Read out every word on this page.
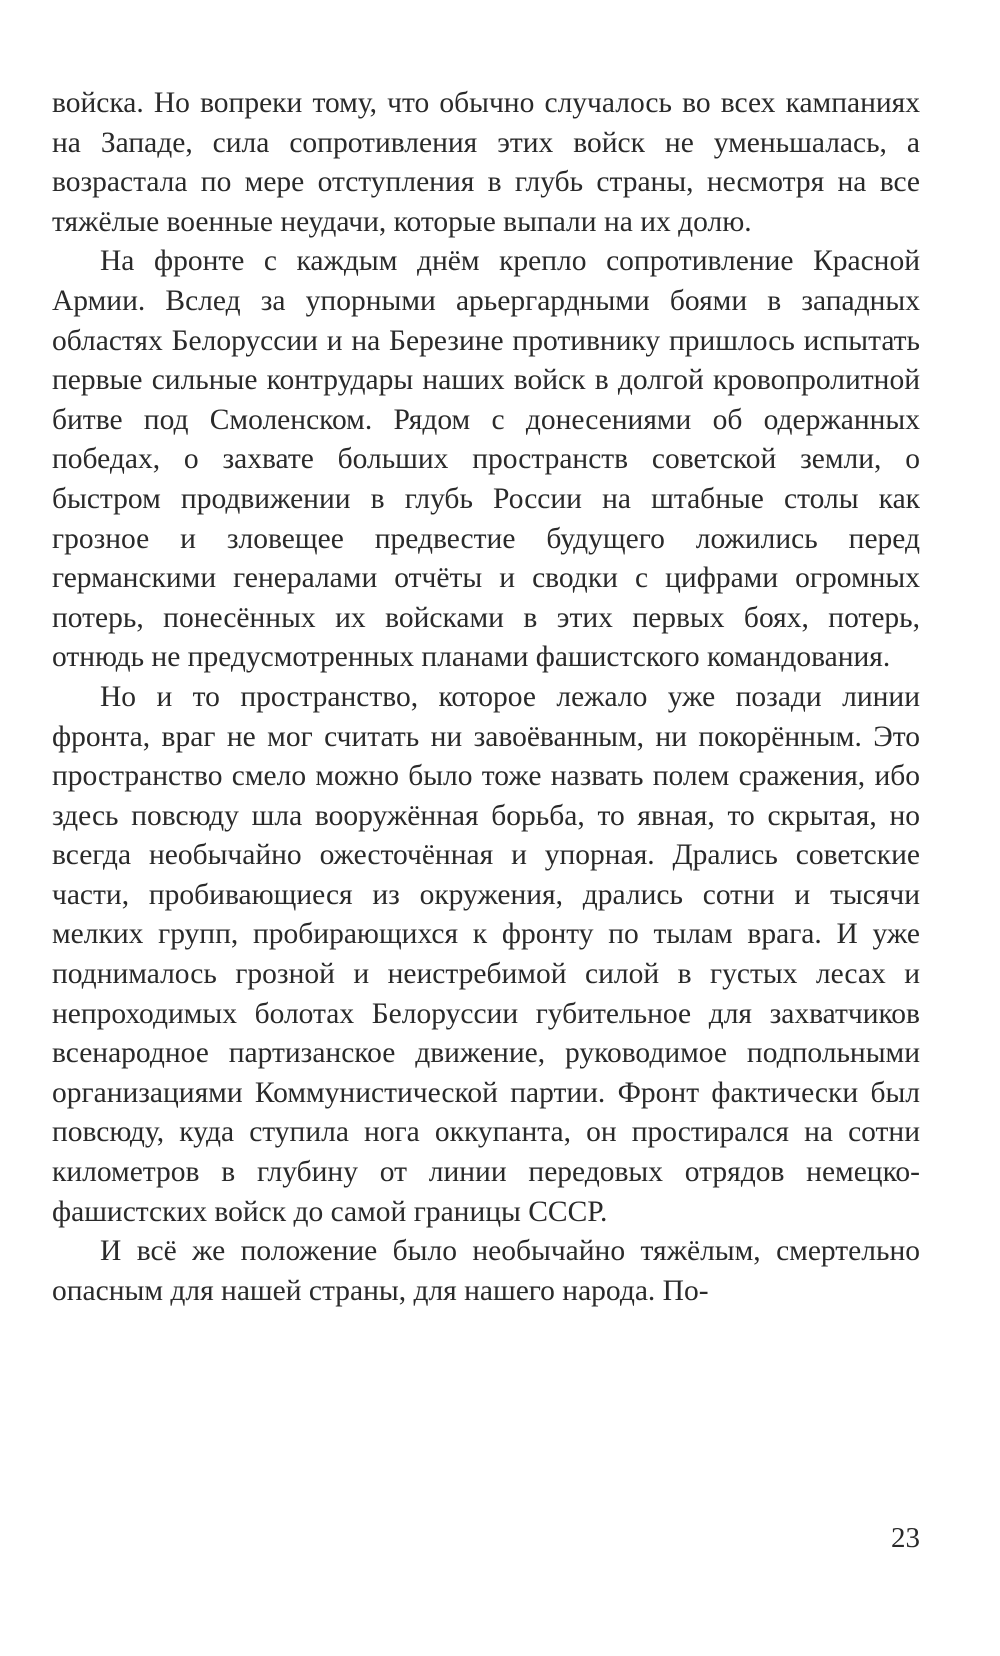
войска. Но вопреки тому, что обычно случалось во всех кампаниях на Западе, сила сопротивления этих войск не уменьшалась, а возрастала по мере отступления в глубь страны, несмотря на все тяжёлые военные неудачи, которые выпали на их долю.

На фронте с каждым днём крепло сопротивление Красной Армии. Вслед за упорными арьергардными боями в западных областях Белоруссии и на Березине противнику пришлось испытать первые сильные контрудары наших войск в долгой кровопролитной битве под Смоленском. Рядом с донесениями об одержанных победах, о захвате больших пространств советской земли, о быстром продвижении в глубь России на штабные столы как грозное и зловещее предвестие будущего ложились перед германскими генералами отчёты и сводки с цифрами огромных потерь, понесённых их войсками в этих первых боях, потерь, отнюдь не предусмотренных планами фашистского командования.

Но и то пространство, которое лежало уже позади линии фронта, враг не мог считать ни завоёванным, ни покорённым. Это пространство смело можно было тоже назвать полем сражения, ибо здесь повсюду шла вооружённая борьба, то явная, то скрытая, но всегда необычайно ожесточённая и упорная. Дрались советские части, пробивающиеся из окружения, дрались сотни и тысячи мелких групп, пробирающихся к фронту по тылам врага. И уже поднималось грозной и неистребимой силой в густых лесах и непроходимых болотах Белоруссии губительное для захватчиков всенародное партизанское движение, руководимое подпольными организациями Коммунистической партии. Фронт фактически был повсюду, куда ступила нога оккупанта, он простирался на сотни километров в глубину от линии передовых отрядов немецко-фашистских войск до самой границы СССР.

И всё же положение было необычайно тяжёлым, смертельно опасным для нашей страны, для нашего народа. По-

23
